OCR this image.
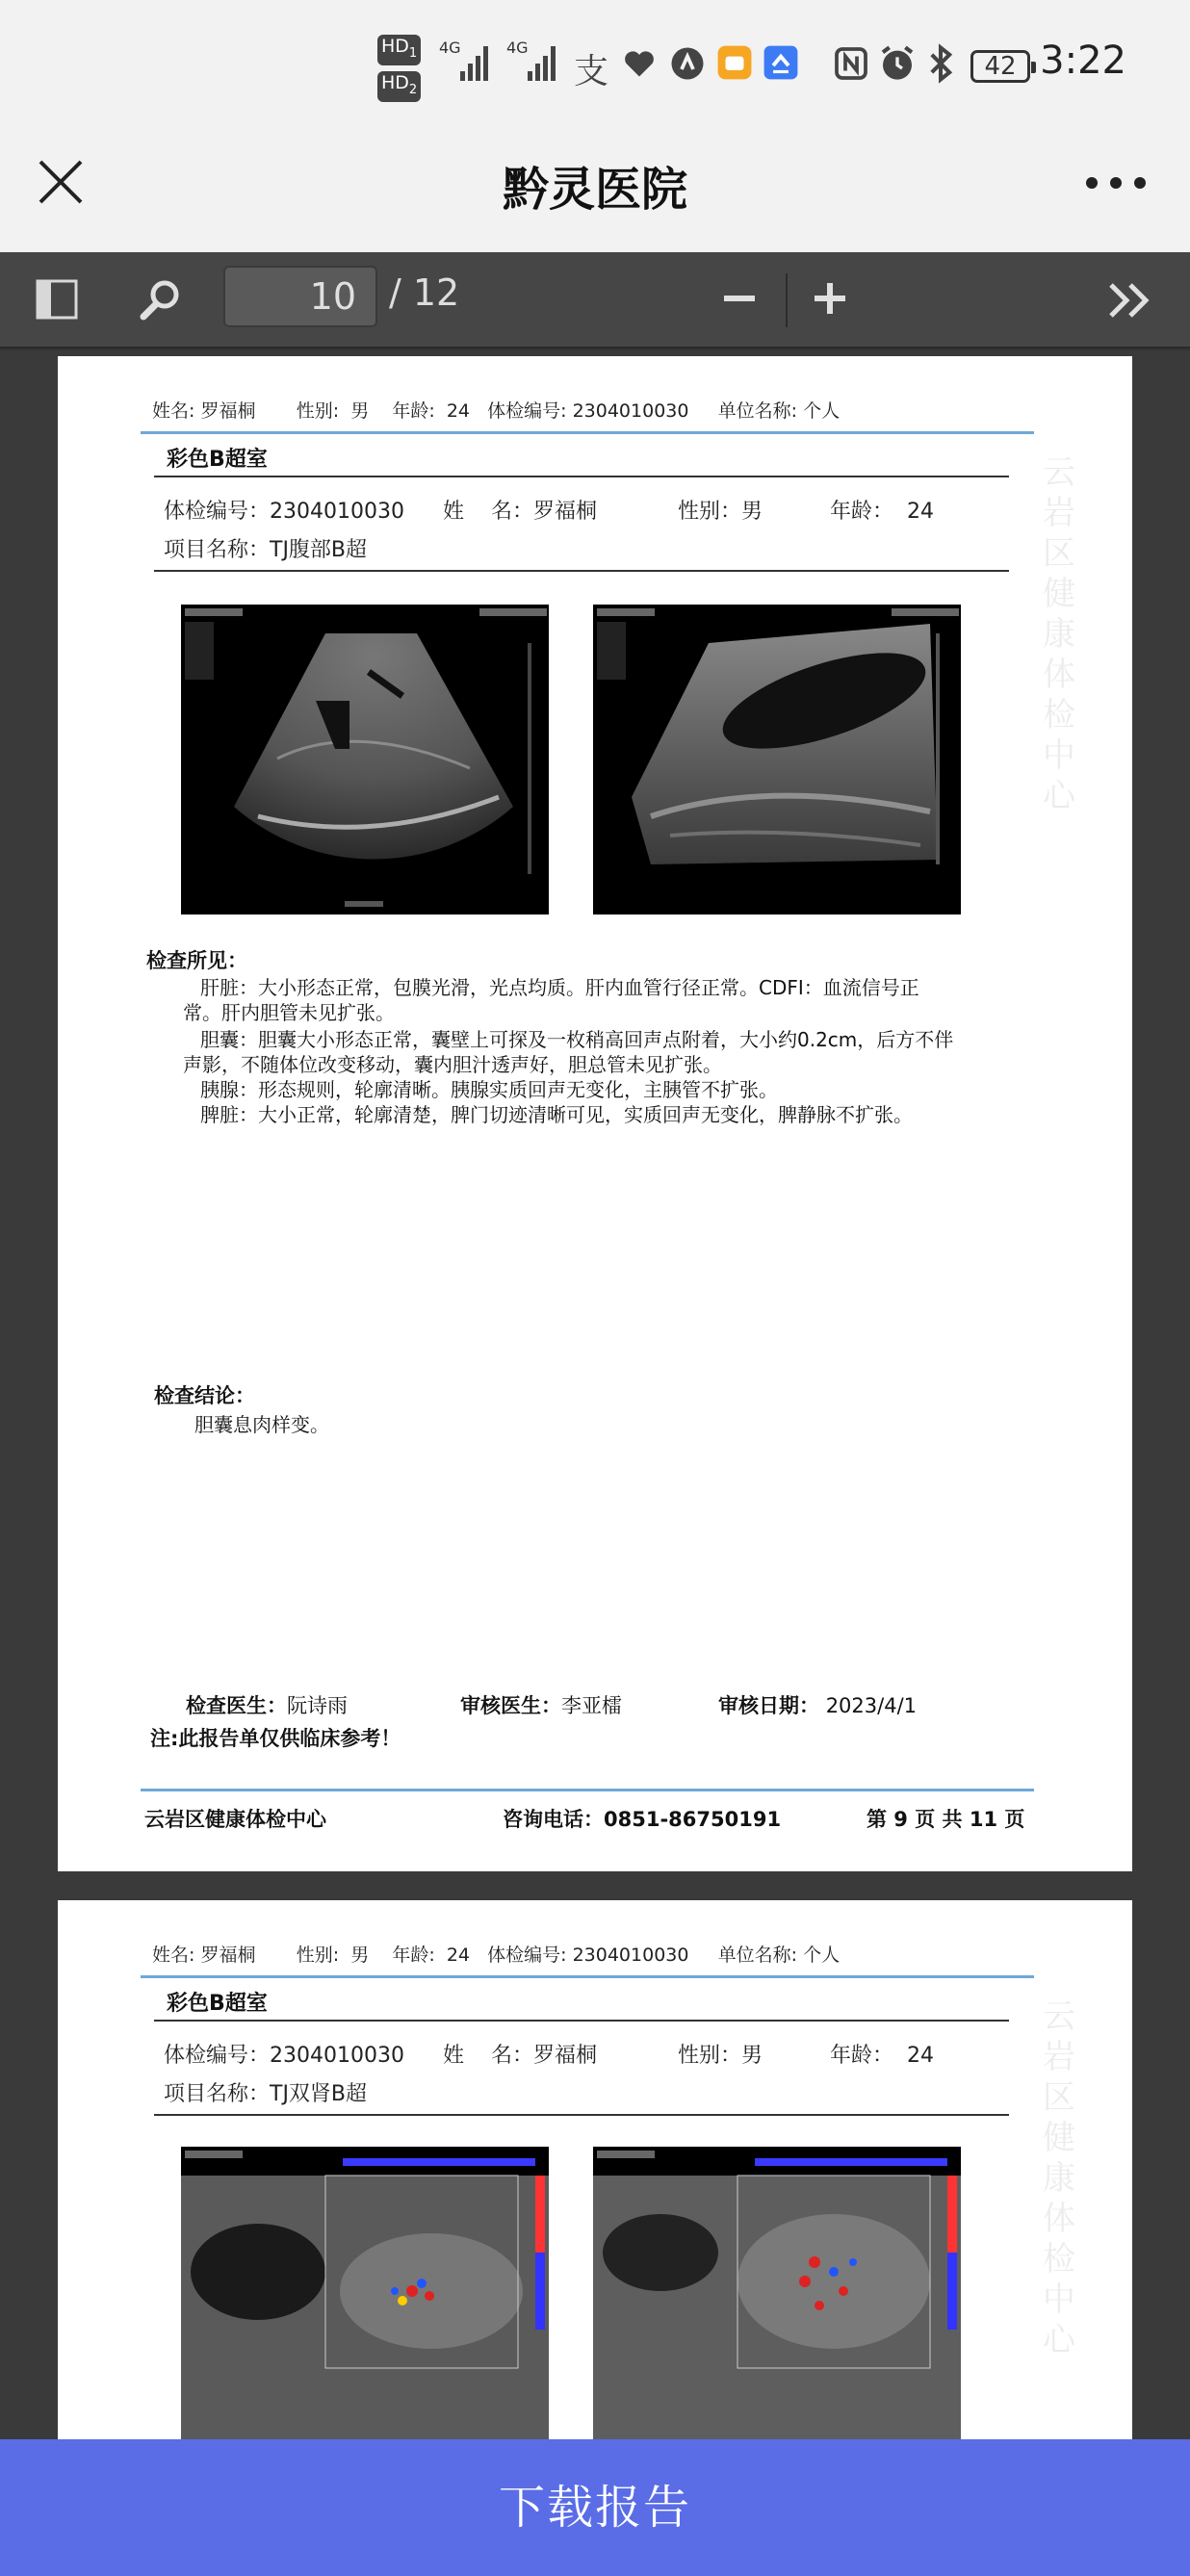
$HD_1$
$HD_2$
4G	4G
支	42 3:22
黔灵医院
10 / 12
姓名: 罗福桐       性别:  男    年龄:  24   体检编号: 2304010030     单位名称: 个人
彩色B超室
体检编号：2304010030 姓    名：罗福桐	性别：男	年龄：  24
项目名称：TJ腹部B超
云
岩
区
健
康
体
检
中
心
检查所见：
肝脏：大小形态正常，包膜光滑，光点均质。肝内血管行径正常。CDFI：血流信号正
常。肝内胆管未见扩张。
胆囊：胆囊大小形态正常，囊壁上可探及一枚稍高回声点附着，大小约0.2cm，后方不伴
声影，不随体位改变移动，囊内胆汁透声好，胆总管未见扩张。
胰腺：形态规则，轮廓清晰。胰腺实质回声无变化，主胰管不扩张。
脾脏：大小正常，轮廓清楚，脾门切迹清晰可见，实质回声无变化，脾静脉不扩张。
检查结论：
胆囊息肉样变。
检查医生：阮诗雨	审核医生：李亚檑	审核日期： 2023/4/1
注:此报告单仅供临床参考！
云岩区健康体检中心	咨询电话：0851-86750191	第 9 页 共 11 页
姓名: 罗福桐       性别:  男    年龄:  24   体检编号: 2304010030     单位名称: 个人
彩色B超室
体检编号：2304010030 姓    名：罗福桐	性别：男	年龄：  24
项目名称：TJ双肾B超
云
岩
区
健
康
体
检
中
心
下载报告
